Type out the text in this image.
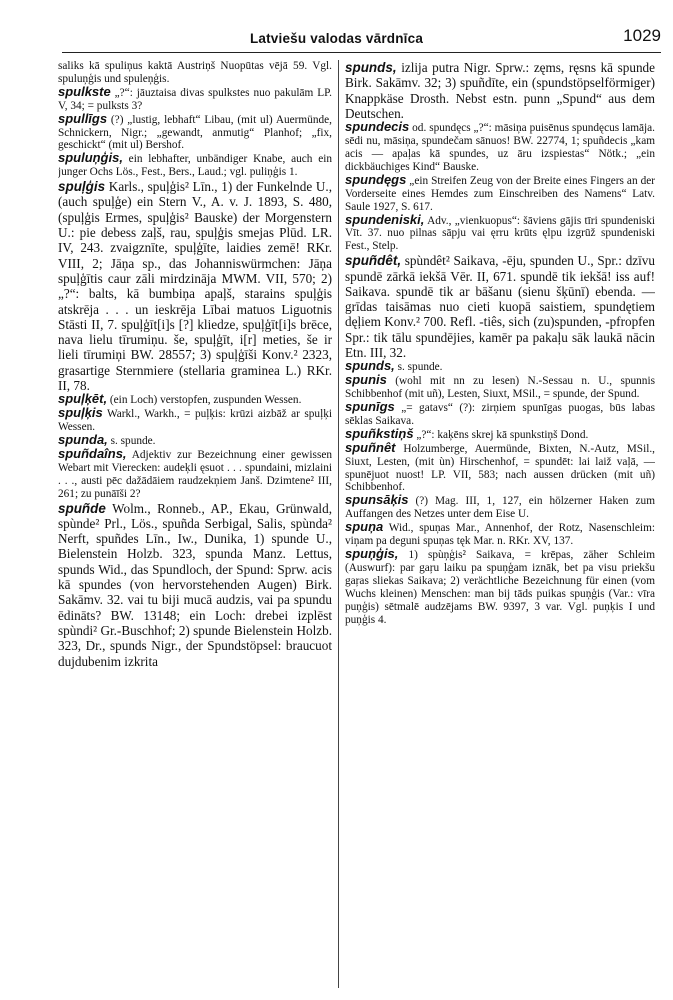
Latviešu valodas vārdnīca	1029

saliks kā spuliņus kaktā Austriņš Nuopūtas vējā 59. Vgl. spuluņģis und spuleņģis.

spulkste „?“: jāuztaisa divas spulkstes nuo pakulām LP. V, 34; = pulksts 3?

spullīgs (?) „lustig, lebhaft“ Libau, (mit ul) Auermünde, Schnickern, Nigr.; „gewandt, anmutig“ Planhof; „fix, geschickt“ (mit ul) Bershof.

spuluņģis, ein lebhafter, unbändiger Knabe, auch ein junger Ochs Lös., Fest., Bers., Laud.; vgl. puliņģis 1.

spuļģis Karls., spuļģis² Līn., 1) der Funkelnde U., (auch spuļģe) ein Stern V., A. v. J. 1893, S. 480, (spuļģis Ermes, spuļģis² Bauske) der Morgenstern U.: pie debess zaļš, rau, spuļģis smejas Plūd. LR. IV, 243. zvaigznīte, spuļģīte, laidies zemē! RKr. VIII, 2; Jāņa sp., das Johanniswürmchen: Jāņa spuļģītis caur zāli mirdzināja MWM. VII, 570; 2) „?“: balts, kā bumbiņa apaļš, starains spuļģis atskrēja . . . un ieskrēja Lībai matuos Liguotnis Stāsti II, 7. spuļģīt[i]s [?] kliedze, spuļģīt[i]s brēce, nava lielu tīrumiņu. še, spuļģīt, i[r] meties, še ir lieli tīrumiņi BW. 28557; 3) spuļģīši Konv.² 2323, grasartige Sternmiere (stellaria graminea L.) RKr. II, 78.

spuļķēt, (ein Loch) verstopfen, zuspunden Wessen.

spuļķis Warkl., Warkh., = puļķis: krūzi aizbāž ar spuļķi Wessen.

spunda, s. spunde.

spuñdaîns, Adjektiv zur Bezeichnung einer gewissen Webart mit Vierecken: audeķli ęsuot . . . spundaini, mizlaini . . ., austi pēc dažādāiem raudzekņiem Janš. Dzimtene² III, 261; zu punāīši 2?

spuñde Wolm., Ronneb., AP., Ekau, Grünwald, spùnde² Prl., Lös., spuñda Serbigal, Salis, spùnda² Nerft, spuñdes Līn., Iw., Dunika, 1) spunde U., Bielenstein Holzb. 323, spunda Manz. Lettus, spunds Wid., das Spundloch, der Spund: Sprw. acis kā spundes (von hervorstehenden Augen) Birk. Sakāmv. 32. vai tu biji mucā audzis, vai pa spundu ēdināts? BW. 13148; ein Loch: drebei izplēst spùndi² Gr.-Buschhof; 2) spunde Bielenstein Holzb. 323, Dr., spunds Nigr., der Spundstöpsel: braucuot dujdubenim izkrita

spunds, izlija putra Nigr. Sprw.: zęms, ręsns kā spunde Birk. Sakāmv. 32; 3) spuñdīte, ein (spundstöpselförmiger) Knappkäse Drosth. Nebst estn. punn „Spund“ aus dem Deutschen.

spundecis od. spundęcs „?“: māsiņa puisēnus spundęcus lamāja. sēdi nu, māsiņa, spundečam sānuos! BW. 22774, 1; spuñdecis „kam acis — apaļas kā spundes, uz āru izspiestas“ Nötk.; „ein dickbäuchiges Kind“ Bauske.

spundęgs „ein Streifen Zeug von der Breite eines Fingers an der Vorderseite eines Hemdes zum Einschreiben des Namens“ Latv. Saule 1927, S. 617.

spundeniski, Adv., „vienkuopus“: šāviens gājis tīri spundeniski Vīt. 37. nuo pilnas sāpju vai ęrru krūts ęlpu izgrūž spundeniski Fest., Stelp.

spuñdêt, spùndêt² Saikava, -ēju, spunden U., Spr.: dzīvu spundē zārkā iekšā Vēr. II, 671. spundē tik iekšā! iss auf! Saikava. spundē tik ar bāšanu (sienu šķūnī) ebenda. — grīdas taisāmas nuo cieti kuopā saistiem, spundętiem dęļiem Konv.² 700. Refl. -tiês, sich (zu)spunden, -pfropfen Spr.: tik tālu spundējies, kamēr pa pakaļu sāk laukā nācin Etn. III, 32.

spunds, s. spunde.

spunis (wohl mit nn zu lesen) N.-Sessau n. U., spunnis Schibbenhof (mit uñ), Lesten, Siuxt, MSil., = spunde, der Spund.

spunīgs „= gatavs“ (?): zirņiem spunīgas puogas, būs labas sēklas Saikava.

spuñkstiņš „?“: kaķēns skrej kā spunkstiņš Dond.

spuñnêt Holzumberge, Auermünde, Bixten, N.-Autz, MSil., Siuxt, Lesten, (mit ùn) Hirschenhof, = spundēt: lai laiž vaļā, — spunējuot nuost! LP. VII, 583; nach aussen drücken (mit uñ) Schibbenhof.

spunsāķis (?) Mag. III, 1, 127, ein hölzerner Haken zum Auffangen des Netzes unter dem Eise U.

spuņa Wid., spuņas Mar., Annenhof, der Rotz, Nasenschleim: viņam pa deguni spuņas tęk Mar. n. RKr. XV, 137.

spuņģis, 1) spùņģis² Saikava, = krēpas, zäher Schleim (Auswurf): par gaŗu laiku pa spuņģam iznāk, bet pa visu priekšu gaŗas sliekas Saikava; 2) verächtliche Bezeichnung für einen (vom Wuchs kleinen) Menschen: man bij tāds puikas spuņģis (Var.: vīra puņģis) sētmalē audzējams BW. 9397, 3 var. Vgl. puņķis I und puņģis 4.
